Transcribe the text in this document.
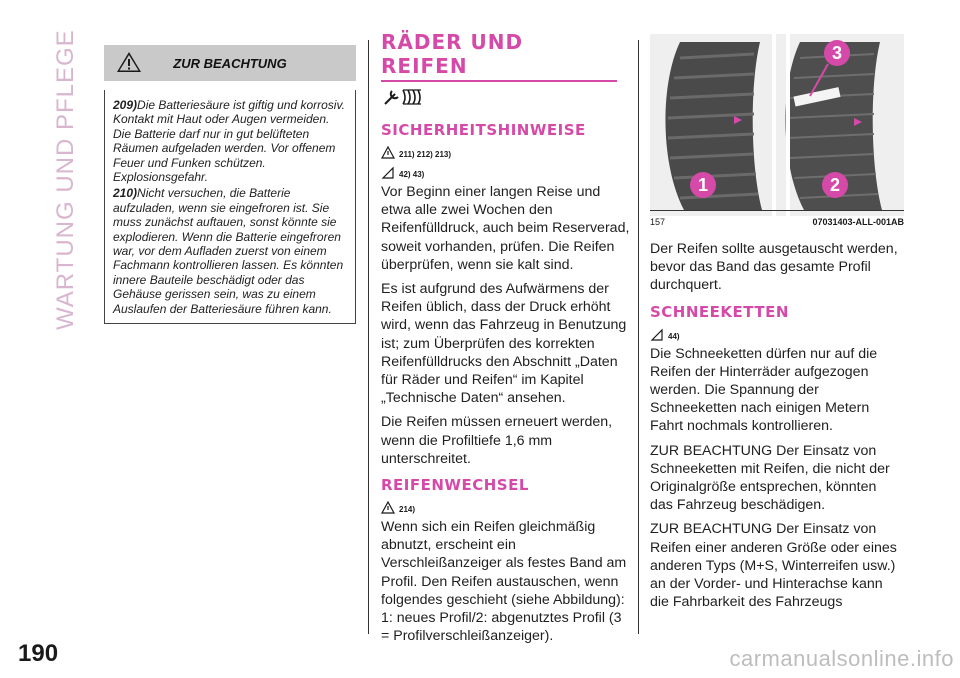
WARTUNG UND PFLEGE
190	carmanualsonline.info
ZUR BEACHTUNG

209)Die Batteriesäure ist giftig und korrosiv. Kontakt mit Haut oder Augen vermeiden. Die Batterie darf nur in gut belüfteten Räumen aufgeladen werden. Vor offenem Feuer und Funken schützen. Explosionsgefahr.

210)Nicht versuchen, die Batterie aufzuladen, wenn sie eingefroren ist. Sie muss zunächst auftauen, sonst könnte sie explodieren. Wenn die Batterie eingefroren war, vor dem Aufladen zuerst von einem Fachmann kontrollieren lassen. Es könnten innere Bauteile beschädigt oder das Gehäuse gerissen sein, was zu einem Auslaufen der Batteriesäure führen kann.

RÄDER UND REIFEN
SICHERHEITSHINWEISE
211) 212) 213)
42) 43)

Vor Beginn einer langen Reise und etwa alle zwei Wochen den Reifenfülldruck, auch beim Reserverad, soweit vorhanden, prüfen. Die Reifen überprüfen, wenn sie kalt sind.

Es ist aufgrund des Aufwärmens der Reifen üblich, dass der Druck erhöht wird, wenn das Fahrzeug in Benutzung ist; zum Überprüfen des korrekten Reifenfülldrucks den Abschnitt „Daten für Räder und Reifen“ im Kapitel „Technische Daten“ ansehen.

Die Reifen müssen erneuert werden, wenn die Profiltiefe 1,6 mm unterschreitet.

REIFENWECHSEL
214)

Wenn sich ein Reifen gleichmäßig abnutzt, erscheint ein Verschleißanzeiger als festes Band am Profil. Den Reifen austauschen, wenn folgendes geschieht (siehe Abbildung): 1: neues Profil/2: abgenutztes Profil (3 = Profilverschleißanzeiger).

1	2
3
157	07031403-ALL-001AB

Der Reifen sollte ausgetauscht werden, bevor das Band das gesamte Profil durchquert.

SCHNEEKETTEN
44)

Die Schneeketten dürfen nur auf die Reifen der Hinterräder aufgezogen werden. Die Spannung der Schneeketten nach einigen Metern Fahrt nochmals kontrollieren.

ZUR BEACHTUNG Der Einsatz von Schneeketten mit Reifen, die nicht der Originalgröße entsprechen, könnten das Fahrzeug beschädigen.

ZUR BEACHTUNG Der Einsatz von Reifen einer anderen Größe oder eines anderen Typs (M+S, Winterreifen usw.) an der Vorder- und Hinterachse kann die Fahrbarkeit des Fahrzeugs
